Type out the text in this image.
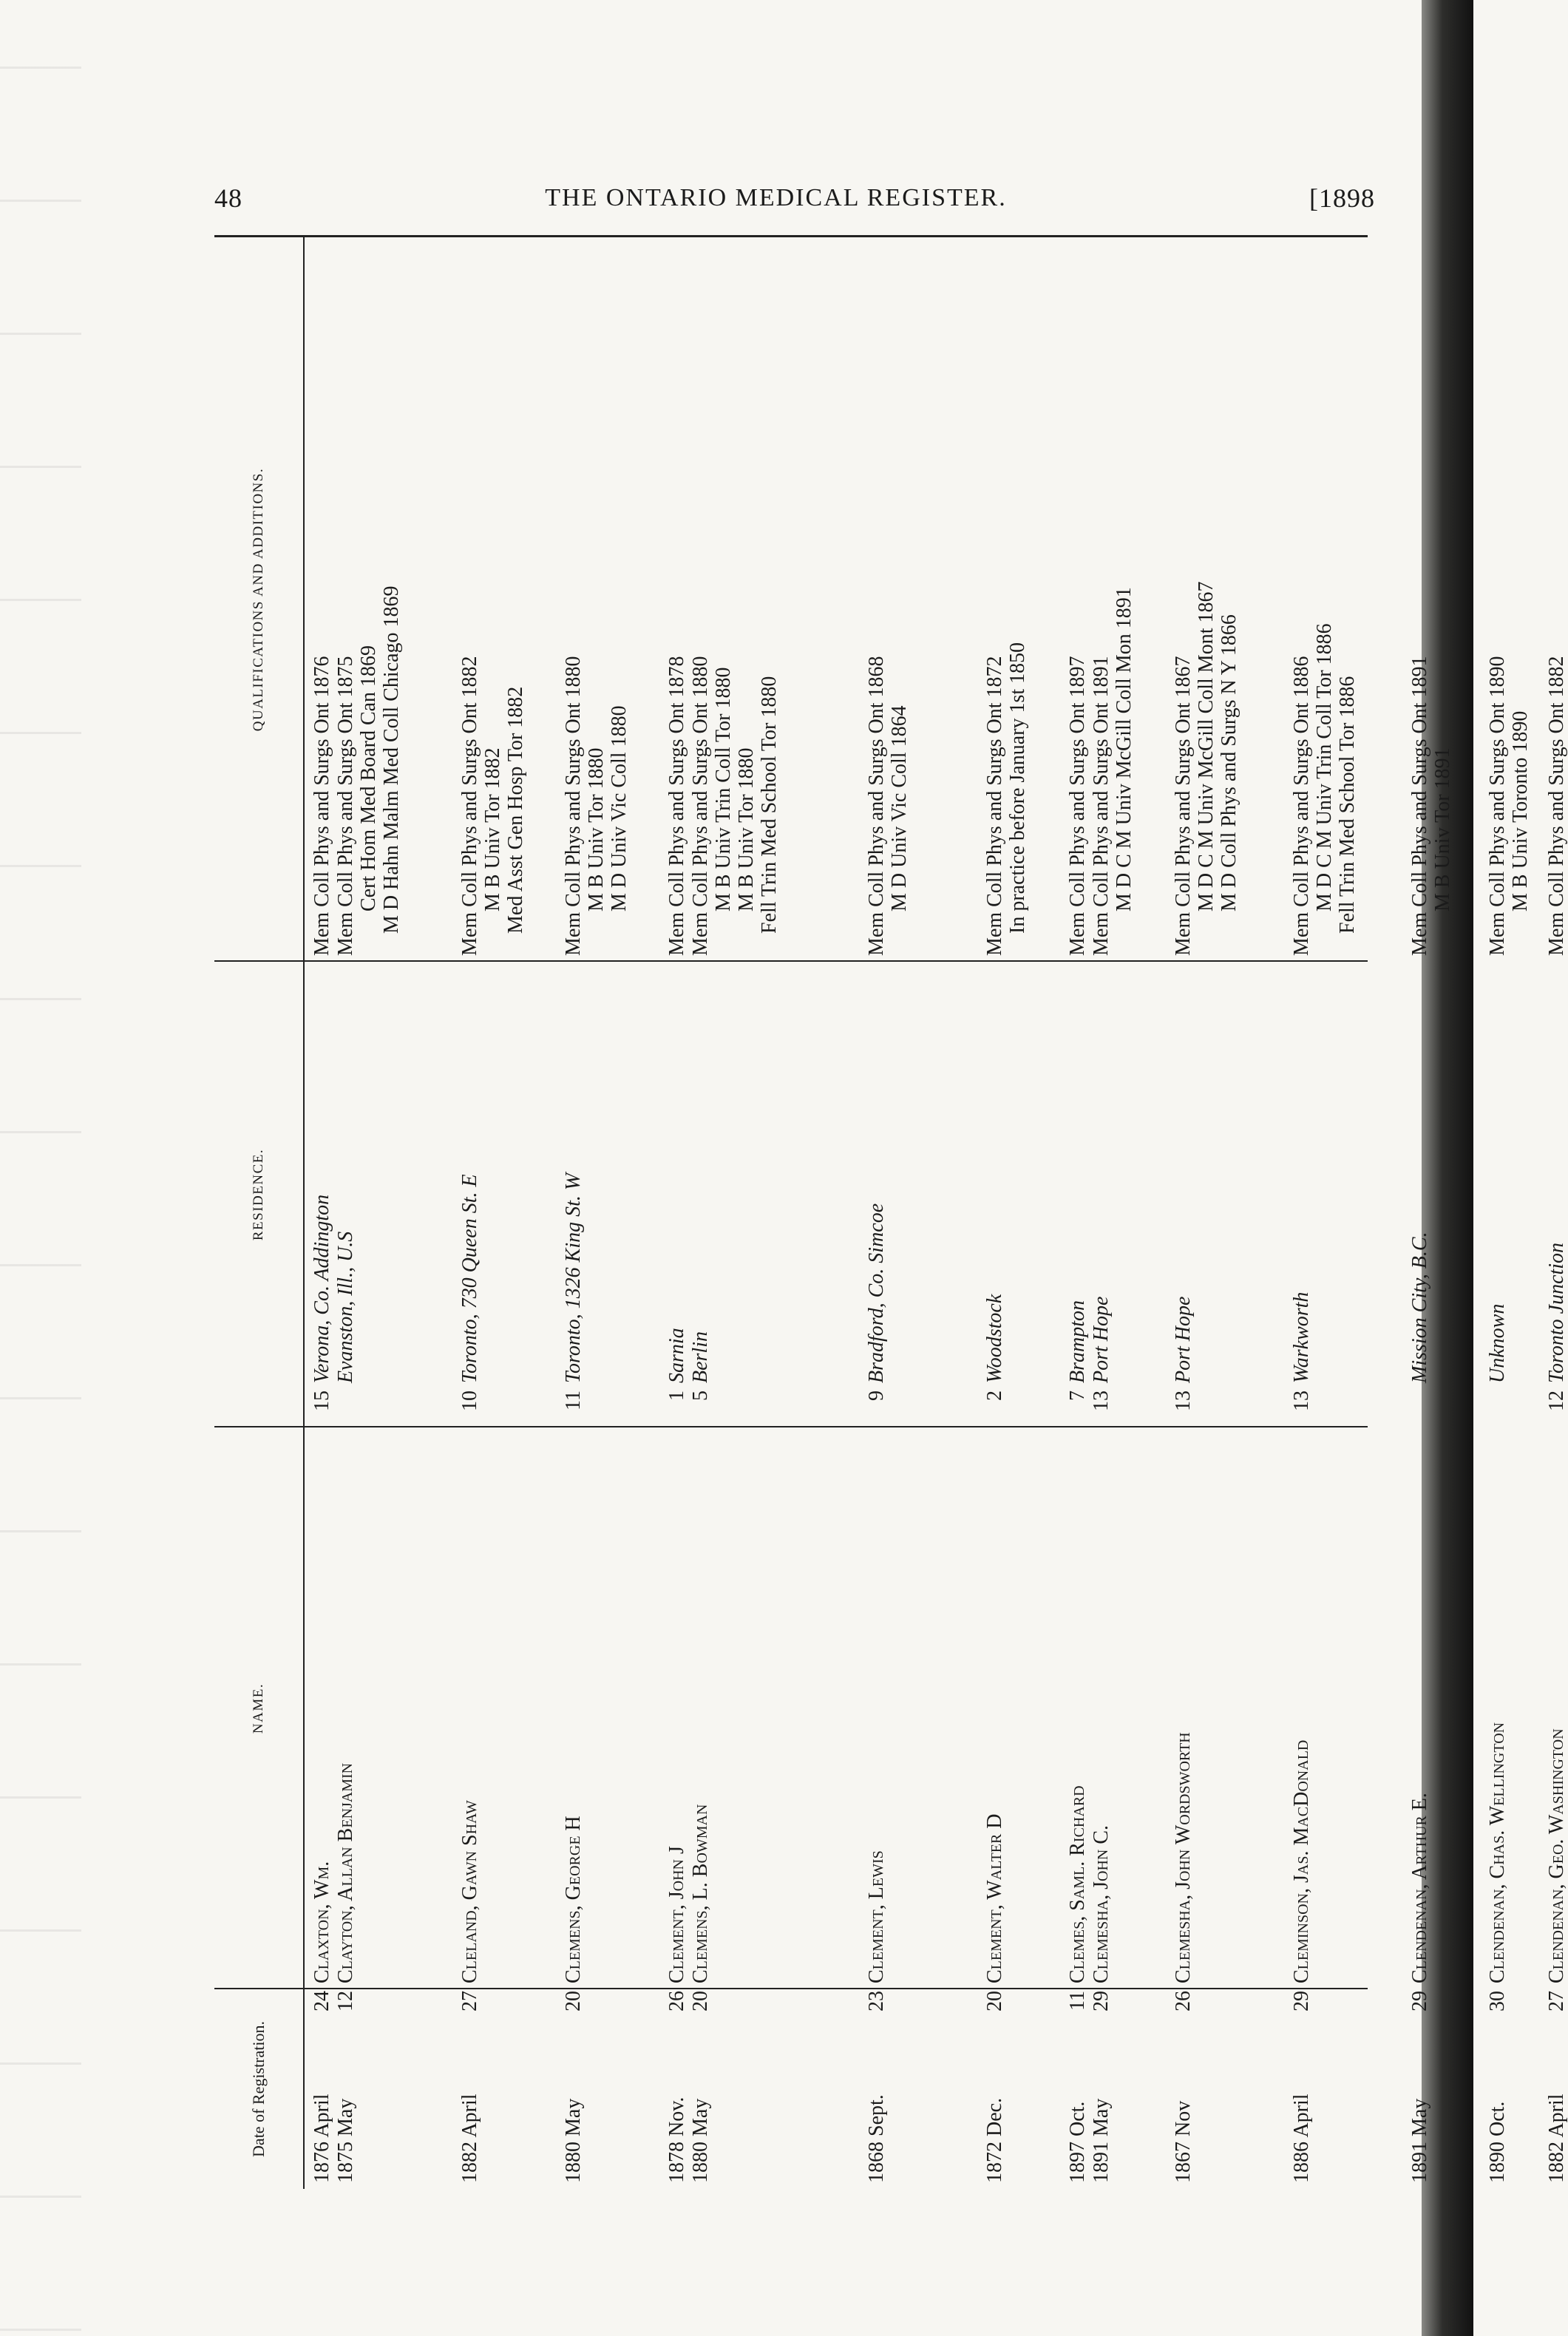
48	THE ONTARIO MEDICAL REGISTER.	[1898
Date of Registration.
NAME.
RESIDENCE.
QUALIFICATIONS AND ADDITIONS.
1876 April
24
Claxton, Wm.
15
Verona, Co. Addington
Mem Coll Phys and Surgs Ont 1876
1875 May
12
Clayton, Allan Benjamin
Evanston, Ill., U.S
Mem Coll Phys and Surgs Ont 1875 Cert Hom Med Board Can 1869 M D Hahn Malm Med Coll Chicago 1869
1882 April
27
Cleland, Gawn Shaw
10
Toronto, 730 Queen St. E
Mem Coll Phys and Surgs Ont 1882 M B Univ Tor 1882 Med Asst Gen Hosp Tor 1882
1880 May
20
Clemens, George H
11
Toronto, 1326 King St. W
Mem Coll Phys and Surgs Ont 1880 M B Univ Tor 1880 M D Univ Vic Coll 1880
1878 Nov.
26
Clement, John J
1
Sarnia
Mem Coll Phys and Surgs Ont 1878
1880 May
20
Clemens, L. Bowman
5
Berlin
Mem Coll Phys and Surgs Ont 1880 M B Univ Trin Coll Tor 1880 M B Univ Tor 1880 Fell Trin Med School Tor 1880
1868 Sept.
23
Clement, Lewis
9
Bradford, Co. Simcoe
Mem Coll Phys and Surgs Ont 1868 M D Univ Vic Coll 1864
1872 Dec.
20
Clement, Walter D
2
Woodstock
Mem Coll Phys and Surgs Ont 1872 In practice before January 1st 1850
1897 Oct.
11
Clemes, Saml. Richard
7
Brampton
Mem Coll Phys and Surgs Ont 1897
1891 May
29
Clemesha, John C.
13
Port Hope
Mem Coll Phys and Surgs Ont 1891 M D C M Univ McGill Coll Mon 1891
1867 Nov
26
Clemesha, John Wordsworth
13
Port Hope
Mem Coll Phys and Surgs Ont 1867 M D C M Univ McGill Coll Mont 1867 M D Coll Phys and Surgs N Y 1866
1886 April
29
Cleminson, Jas. MacDonald
13
Warkworth
Mem Coll Phys and Surgs Ont 1886 M D C M Univ Trin Coll Tor 1886 Fell Trin Med School Tor 1886
1891 May
29
Clendenan, Arthur E.
Mission City, B.C.
Mem Coll Phys and Surgs Ont 1891 M B Univ Tor 1891
1890 Oct.
30
Clendenan, Chas. Wellington
Unknown
Mem Coll Phys and Surgs Ont 1890 M B Univ Toronto 1890
1882 April
27
Clendenan, Geo. Washington
12
Toronto Junction
Mem Coll Phys and Surgs Ont 1882
